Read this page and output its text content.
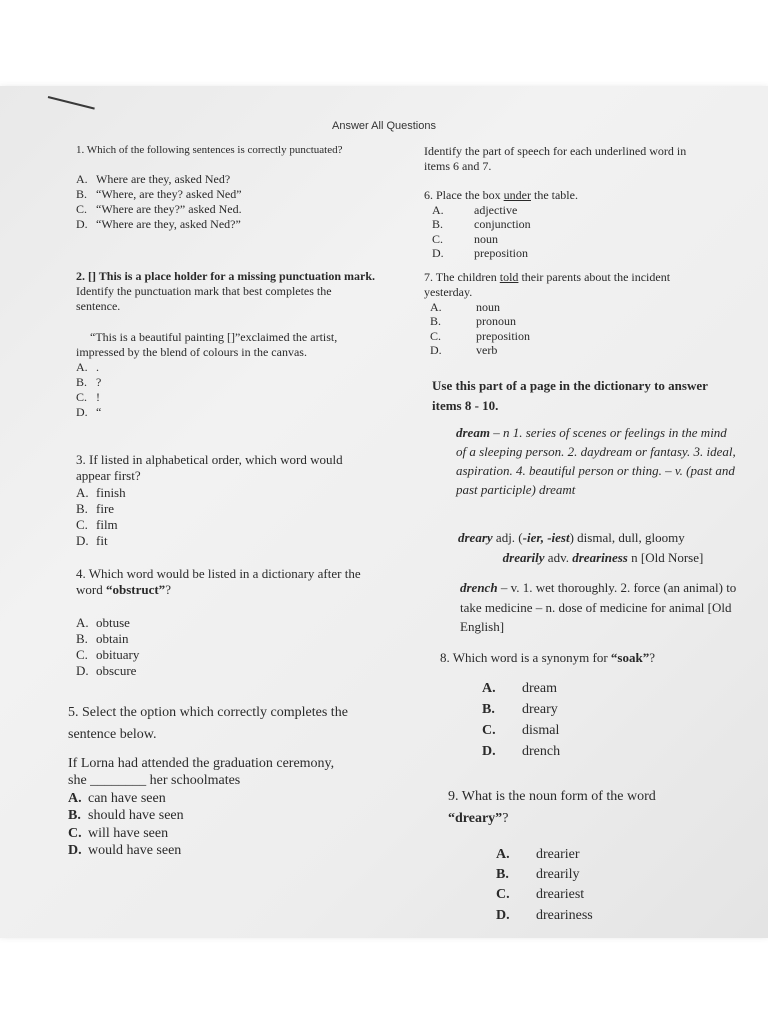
Answer All Questions
1. Which of the following sentences is correctly punctuated?
A. Where are they, asked Ned?
B. “Where, are they? asked Ned”
C. “Where are they?” asked Ned.
D. “Where are they, asked Ned?”
2. [] This is a place holder for a missing punctuation mark. Identify the punctuation mark that best completes the sentence.
“This is a beautiful painting []”exclaimed the artist, impressed by the blend of colours in the canvas.
A. .
B. ?
C. !
D. “
3. If listed in alphabetical order, which word would appear first?
A. finish
B. fire
C. film
D. fit
4. Which word would be listed in a dictionary after the word “obstruct”?
A. obtuse
B. obtain
C. obituary
D. obscure
5. Select the option which correctly completes the sentence below.
If Lorna had attended the graduation ceremony,
she ________ her schoolmates
A. can have seen
B. should have seen
C. will have seen
D. would have seen
Identify the part of speech for each underlined word in items 6 and 7.
6. Place the box under the table.
A.	adjective
B.	conjunction
C.	noun
D.	preposition
7. The children told their parents about the incident yesterday.
A.	noun
B.	pronoun
C.	preposition
D.	verb
Use this part of a page in the dictionary to answer items 8 - 10.
dream – n 1. series of scenes or feelings in the mind of a sleeping person. 2. daydream or fantasy. 3. ideal, aspiration. 4. beautiful person or thing. – v. (past and past participle) dreamt
dreary adj. (-ier, -iest) dismal, dull, gloomy
drearily adv. dreariness n [Old Norse]
drench – v. 1. wet thoroughly. 2. force (an animal) to take medicine – n. dose of medicine for animal [Old English]
8. Which word is a synonym for “soak”?
A. dream
B. dreary
C. dismal
D. drench
9. What is the noun form of the word
“dreary”?
A. drearier
B. drearily
C. dreariest
D. dreariness
